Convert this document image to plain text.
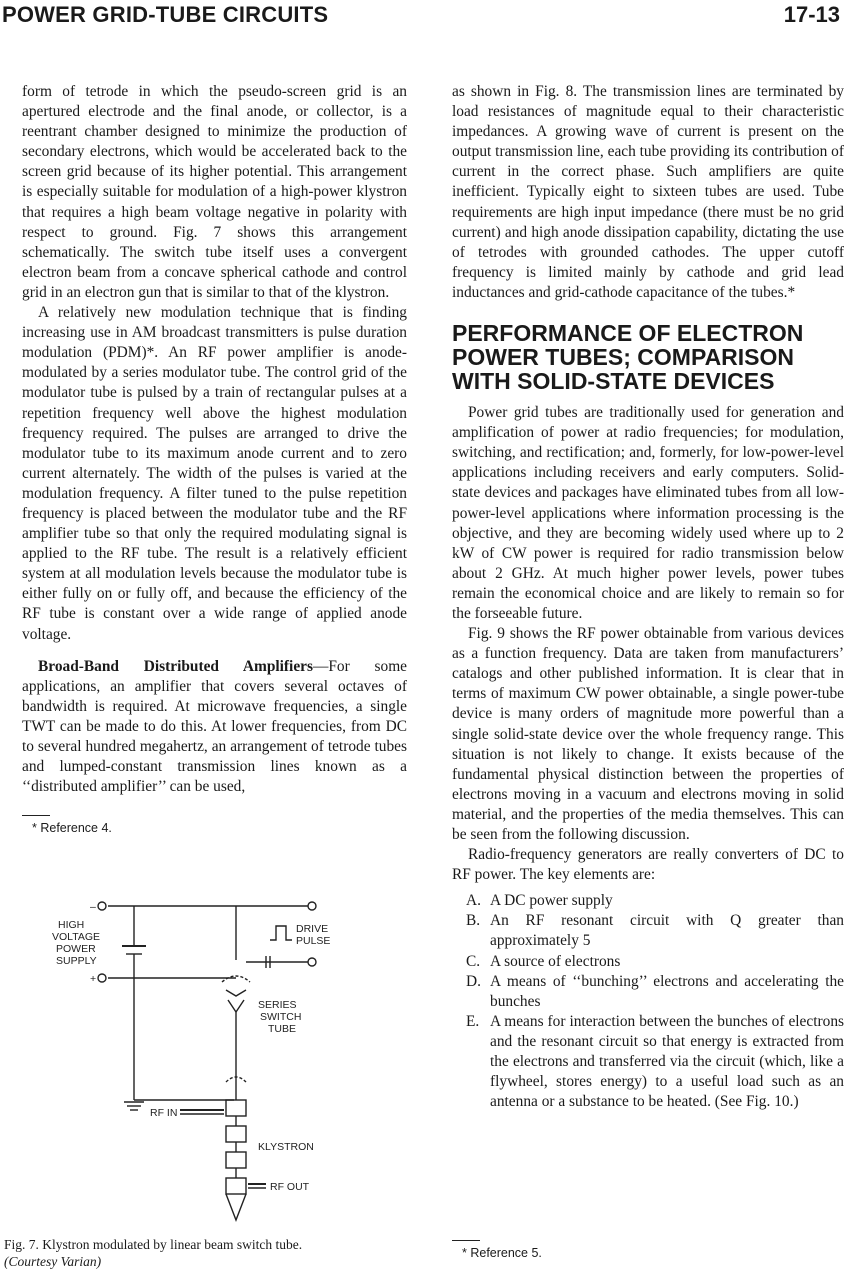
POWER GRID-TUBE CIRCUITS	17-13

form of tetrode in which the pseudo-screen grid is an apertured electrode and the final anode, or collector, is a reentrant chamber designed to minimize the production of secondary electrons, which would be accelerated back to the screen grid because of its higher potential. This arrangement is especially suitable for modulation of a high-power klystron that requires a high beam voltage negative in polarity with respect to ground. Fig. 7 shows this arrangement schematically. The switch tube itself uses a convergent electron beam from a concave spherical cathode and control grid in an electron gun that is similar to that of the klystron.

A relatively new modulation technique that is finding increasing use in AM broadcast transmitters is pulse duration modulation (PDM)*. An RF power amplifier is anode-modulated by a series modulator tube. The control grid of the modulator tube is pulsed by a train of rectangular pulses at a repetition frequency well above the highest modulation frequency required. The pulses are arranged to drive the modulator tube to its maximum anode current and to zero current alternately. The width of the pulses is varied at the modulation frequency. A filter tuned to the pulse repetition frequency is placed between the modulator tube and the RF amplifier tube so that only the required modulating signal is applied to the RF tube. The result is a relatively efficient system at all modulation levels because the modulator tube is either fully on or fully off, and because the efficiency of the RF tube is constant over a wide range of applied anode voltage.

Broad-Band Distributed Amplifiers—For some applications, an amplifier that covers several octaves of bandwidth is required. At microwave frequencies, a single TWT can be made to do this. At lower frequencies, from DC to several hundred megahertz, an arrangement of tetrode tubes and lumped-constant transmission lines known as a ‘‘distributed amplifier’’ can be used,

* Reference 4.
–
+
HIGH
VOLTAGE
POWER
SUPPLY
DRIVE
PULSE
SERIES
SWITCH
TUBE
RF IN
KLYSTRON
RF OUT
Fig. 7. Klystron modulated by linear beam switch tube.
(Courtesy Varian)

as shown in Fig. 8. The transmission lines are terminated by load resistances of magnitude equal to their characteristic impedances. A growing wave of current is present on the output transmission line, each tube providing its contribution of current in the correct phase. Such amplifiers are quite inefficient. Typically eight to sixteen tubes are used. Tube requirements are high input impedance (there must be no grid current) and high anode dissipation capability, dictating the use of tetrodes with grounded cathodes. The upper cutoff frequency is limited mainly by cathode and grid lead inductances and grid-cathode capacitance of the tubes.*

PERFORMANCE OF ELECTRON POWER TUBES; COMPARISON WITH SOLID-STATE DEVICES

Power grid tubes are traditionally used for generation and amplification of power at radio frequencies; for modulation, switching, and rectification; and, formerly, for low-power-level applications including receivers and early computers. Solid-state devices and packages have eliminated tubes from all low-power-level applications where information processing is the objective, and they are becoming widely used where up to 2 kW of CW power is required for radio transmission below about 2 GHz. At much higher power levels, power tubes remain the economical choice and are likely to remain so for the forseeable future.

Fig. 9 shows the RF power obtainable from various devices as a function frequency. Data are taken from manufacturers’ catalogs and other published information. It is clear that in terms of maximum CW power obtainable, a single power-tube device is many orders of magnitude more powerful than a single solid-state device over the whole frequency range. This situation is not likely to change. It exists because of the fundamental physical distinction between the properties of electrons moving in a vacuum and electrons moving in solid material, and the properties of the media themselves. This can be seen from the following discussion.

Radio-frequency generators are really converters of DC to RF power. The key elements are:

A. A DC power supply
B. An RF resonant circuit with Q greater than approximately 5
C. A source of electrons
D. A means of ‘‘bunching’’ electrons and accelerating the bunches
E. A means for interaction between the bunches of electrons and the resonant circuit so that energy is extracted from the electrons and transferred via the circuit (which, like a flywheel, stores energy) to a useful load such as an antenna or a substance to be heated. (See Fig. 10.)
* Reference 5.
